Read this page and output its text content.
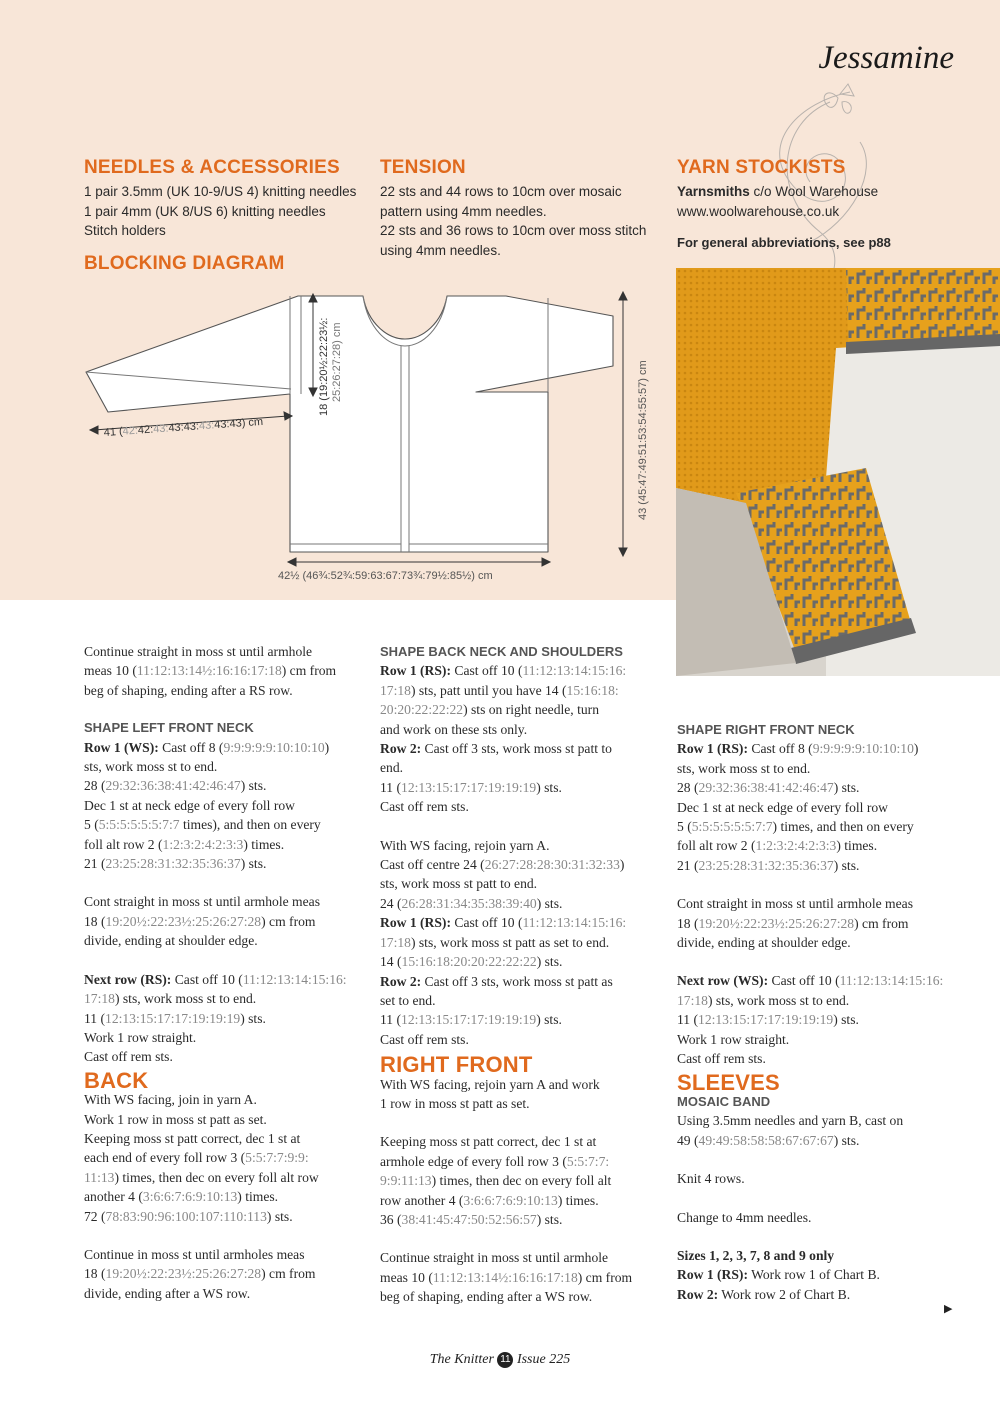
Jessamine
NEEDLES & ACCESSORIES
1 pair 3.5mm (UK 10-9/US 4) knitting needles
1 pair 4mm (UK 8/US 6) knitting needles
Stitch holders
TENSION
22 sts and 44 rows to 10cm over mosaic
pattern using 4mm needles.
22 sts and 36 rows to 10cm over moss stitch
using 4mm needles.
YARN STOCKISTS
Yarnsmiths c/o Wool Warehouse
www.woolwarehouse.co.uk
For general abbreviations, see p88
BLOCKING DIAGRAM
41 (42:42:43:43:43:43:43:43) cm
18 (19:20½:22:23½: 25:26:27:28) cm	43 (45:47:49:51:53:54:55:57) cm
42½ (46¾:52¾:59:63:67:73¾:79½:85½) cm

Continue straight in moss st until armhole

meas 10 (11:12:13:14½:16:16:17:18) cm from

beg of shaping, ending after a RS row.

SHAPE LEFT FRONT NECK

Row 1 (WS): Cast off 8 (9:9:9:9:9:10:10:10)

sts, work moss st to end.

28 (29:32:36:38:41:42:46:47) sts.

Dec 1 st at neck edge of every foll row

5 (5:5:5:5:5:5:7:7 times), and then on every

foll alt row 2 (1:2:3:2:4:2:3:3) times.

21 (23:25:28:31:32:35:36:37) sts.

Cont straight in moss st until armhole meas

18 (19:20½:22:23½:25:26:27:28) cm from

divide, ending at shoulder edge.

Next row (RS): Cast off 10 (11:12:13:14:15:16:

17:18) sts, work moss st to end.

11 (12:13:15:17:17:19:19:19) sts.

Work 1 row straight.

Cast off rem sts.

BACK

With WS facing, join in yarn A.

Work 1 row in moss st patt as set.

Keeping moss st patt correct, dec 1 st at

each end of every foll row 3 (5:5:7:7:9:9:

11:13) times, then dec on every foll alt row

another 4 (3:6:6:7:6:9:10:13) times.

72 (78:83:90:96:100:107:110:113) sts.

Continue in moss st until armholes meas

18 (19:20½:22:23½:25:26:27:28) cm from

divide, ending after a WS row.

SHAPE BACK NECK AND SHOULDERS

Row 1 (RS): Cast off 10 (11:12:13:14:15:16:

17:18) sts, patt until you have 14 (15:16:18:

20:20:22:22:22) sts on right needle, turn

and work on these sts only.

Row 2: Cast off 3 sts, work moss st patt to

end.

11 (12:13:15:17:17:19:19:19) sts.

Cast off rem sts.

With WS facing, rejoin yarn A.

Cast off centre 24 (26:27:28:28:30:31:32:33)

sts, work moss st patt to end.

24 (26:28:31:34:35:38:39:40) sts.

Row 1 (RS): Cast off 10 (11:12:13:14:15:16:

17:18) sts, work moss st patt as set to end.

14 (15:16:18:20:20:22:22:22) sts.

Row 2: Cast off 3 sts, work moss st patt as

set to end.

11 (12:13:15:17:17:19:19:19) sts.

Cast off rem sts.

RIGHT FRONT

With WS facing, rejoin yarn A and work

1 row in moss st patt as set.

Keeping moss st patt correct, dec 1 st at

armhole edge of every foll row 3 (5:5:7:7:

9:9:11:13) times, then dec on every foll alt

row another 4 (3:6:6:7:6:9:10:13) times.

36 (38:41:45:47:50:52:56:57) sts.

Continue straight in moss st until armhole

meas 10 (11:12:13:14½:16:16:17:18) cm from

beg of shaping, ending after a WS row.

SHAPE RIGHT FRONT NECK

Row 1 (RS): Cast off 8 (9:9:9:9:9:10:10:10)

sts, work moss st to end.

28 (29:32:36:38:41:42:46:47) sts.

Dec 1 st at neck edge of every foll row

5 (5:5:5:5:5:5:7:7) times, and then on every

foll alt row 2 (1:2:3:2:4:2:3:3) times.

21 (23:25:28:31:32:35:36:37) sts.

Cont straight in moss st until armhole meas

18 (19:20½:22:23½:25:26:27:28) cm from

divide, ending at shoulder edge.

Next row (WS): Cast off 10 (11:12:13:14:15:16:

17:18) sts, work moss st to end.

11 (12:13:15:17:17:19:19:19) sts.

Work 1 row straight.

Cast off rem sts.

SLEEVES
MOSAIC BAND

Using 3.5mm needles and yarn B, cast on

49 (49:49:58:58:58:67:67:67) sts.

Knit 4 rows.

Change to 4mm needles.

Sizes 1, 2, 3, 7, 8 and 9 only

Row 1 (RS): Work row 1 of Chart B.

Row 2: Work row 2 of Chart B.

▶
The Knitter 11 Issue 225
